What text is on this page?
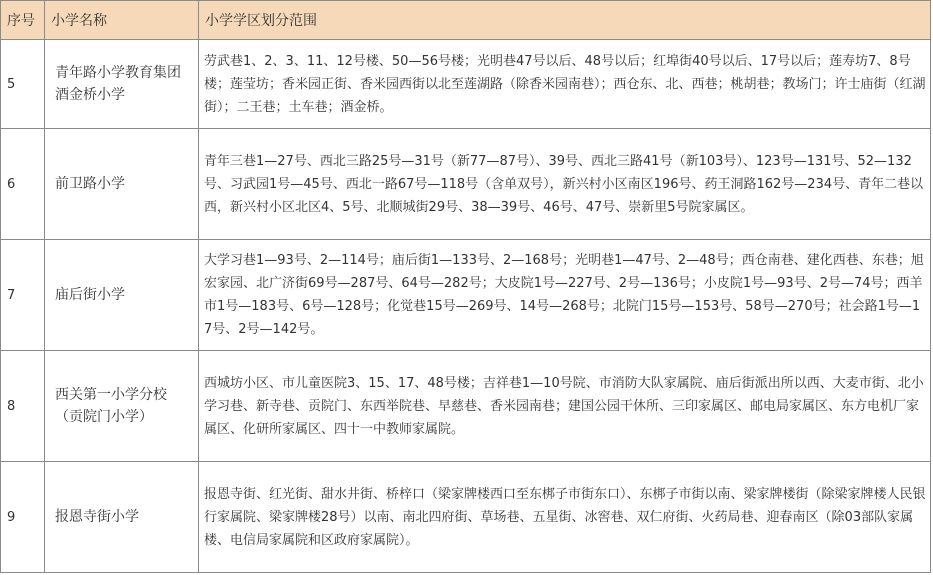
序号	小学名称	小学学区划分范围
5	青年路小学教育集团酒金桥小学	劳武巷1、2、3、11、12号楼、50—56号楼；光明巷47号以后、48号以后；红埠街40号以后、17号以后；莲寿坊7、8号楼；莲莹坊；香米园正街、香米园西街以北至莲湖路（除香米园南巷）；西仓东、北、西巷；桃胡巷；教场门；许士庙街（红湖街）；二王巷；土车巷；酒金桥。
6	前卫路小学	青年三巷1—27号、西北三路25号—31号（新77—87号）、39号、西北三路41号（新103号）、123号—131号、52—132号、习武园1号—45号、西北一路67号—118号（含单双号），新兴村小区南区196号、药王洞路162号—234号、青年二巷以西，新兴村小区北区4、5号、北顺城街29号、38—39号、46号、47号、崇新里5号院家属区。
7	庙后街小学	大学习巷1—93号、2—114号；庙后街1—133号、2—168号；光明巷1—47号、2—48号；西仓南巷、建化西巷、东巷；旭宏家园、北广济街69号—287号、64号—282号；大皮院1号—227号、2号—136号；小皮院1号—93号、2号—74号；西羊市1号—183号、6号—128号；化觉巷15号—269号、14号—268号；北院门15号—153号、58号—270号；社会路1号—17号、2号—142号。
8	西关第一小学分校（贡院门小学）	西城坊小区、市儿童医院3、15、17、48号楼；吉祥巷1—10号院、市消防大队家属院、庙后街派出所以西、大麦市街、北小学习巷、新寺巷、贡院门、东西举院巷、早慈巷、香米园南巷；建国公园干休所、三印家属区、邮电局家属区、东方电机厂家属区、化研所家属区、四十一中教师家属院。
9	报恩寺街小学	报恩寺街、红光街、甜水井街、桥梓口（梁家牌楼西口至东梆子市街东口）、东梆子市街以南、梁家牌楼街（除梁家牌楼人民银行家属院、梁家牌楼28号）以南、南北四府街、草场巷、五星街、冰窖巷、双仁府街、火药局巷、迎春南区（除03部队家属楼、电信局家属院和区政府家属院）。
